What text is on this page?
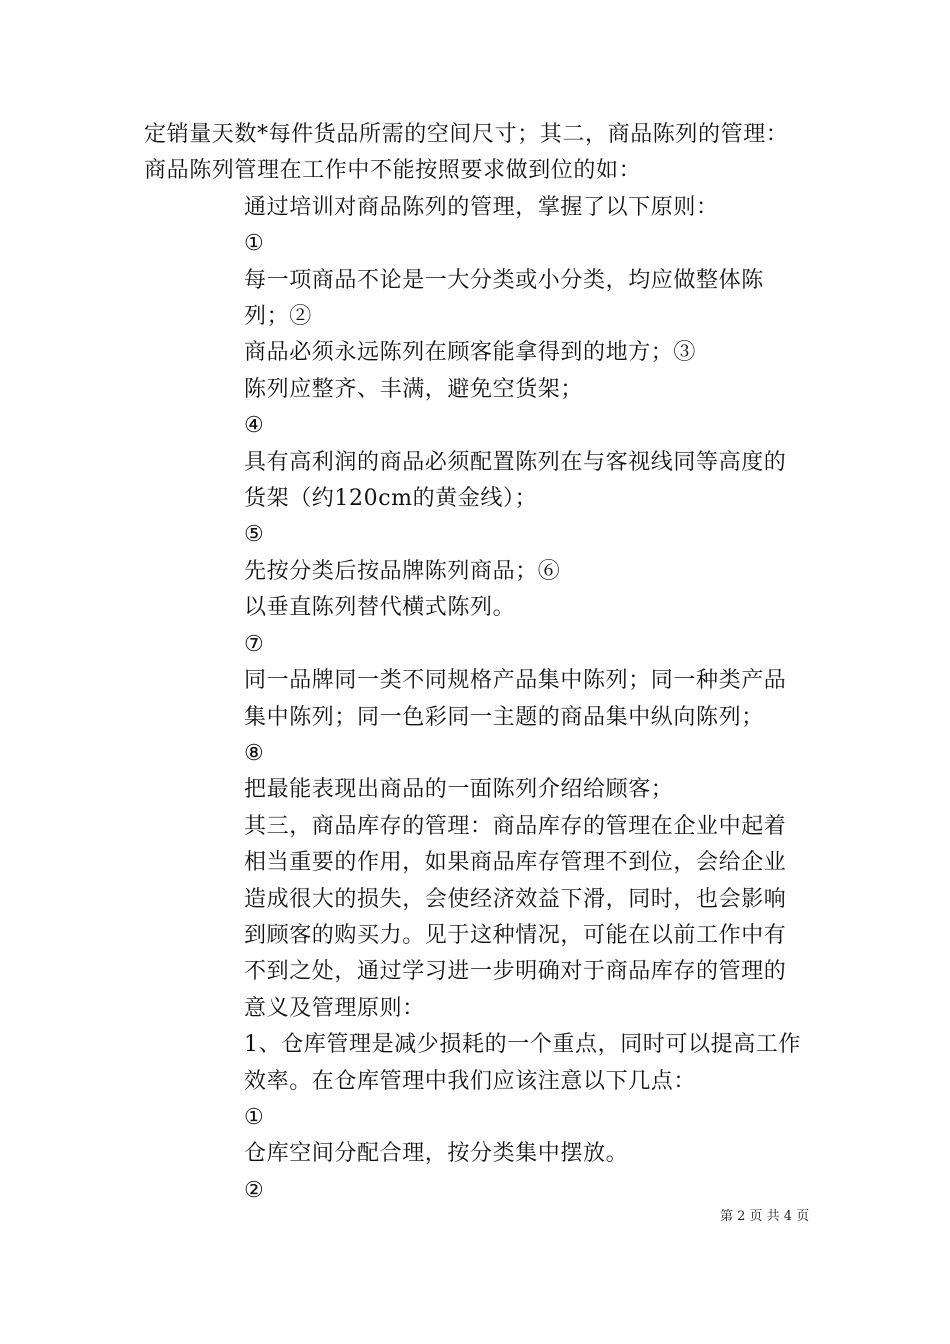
定销量天数*每件货品所需的空间尺寸；其二，商品陈列的管理：商品陈列管理在工作中不能按照要求做到位的如：

通过培训对商品陈列的管理，掌握了以下原则：

①

每一项商品不论是一大分类或小分类，均应做整体陈列；②

商品必须永远陈列在顾客能拿得到的地方；③

陈列应整齐、丰满，避免空货架；

④

具有高利润的商品必须配置陈列在与客视线同等高度的货架（约120cm的黄金线）；

⑤

先按分类后按品牌陈列商品；⑥

以垂直陈列替代横式陈列。

⑦

同一品牌同一类不同规格产品集中陈列；同一种类产品集中陈列；同一色彩同一主题的商品集中纵向陈列；

⑧

把最能表现出商品的一面陈列介绍给顾客；

其三，商品库存的管理：商品库存的管理在企业中起着相当重要的作用，如果商品库存管理不到位，会给企业造成很大的损失，会使经济效益下滑，同时，也会影响到顾客的购买力。见于这种情况，可能在以前工作中有不到之处，通过学习进一步明确对于商品库存的管理的意义及管理原则：

1、仓库管理是减少损耗的一个重点，同时可以提高工作效率。在仓库管理中我们应该注意以下几点：

①

仓库空间分配合理，按分类集中摆放。

②

第 2 页 共 4 页
